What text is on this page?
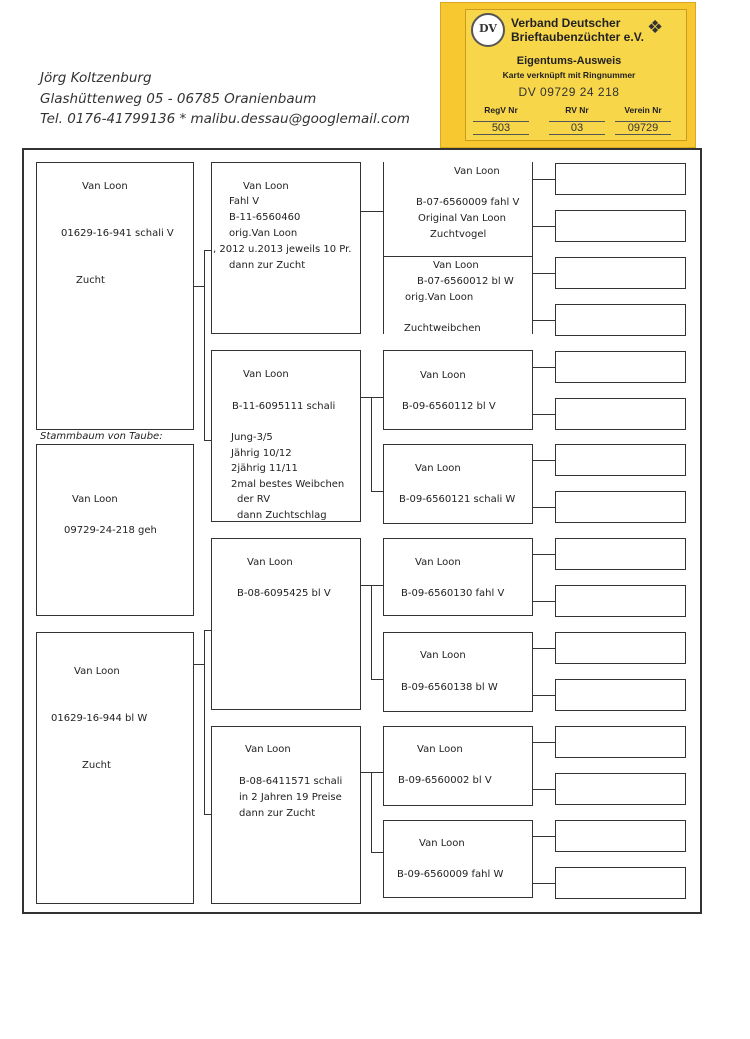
Jörg Koltzenburg
Glashüttenweg 05 - 06785 Oranienbaum
Tel. 0176-41799136 * malibu.dessau@googlemail.com
DV	❖
Verband Deutscher
Brieftaubenzüchter e.V.
Eigentums-Ausweis
Karte verknüpft mit Ringnummer
DV 09729 24 218
RegV Nr	RV Nr	Verein Nr
503	03	09729
Van Loon
01629-16-941 schali V
Zucht
Stammbaum von Taube:
Van Loon
09729-24-218 geh
Van Loon
01629-16-944 bl W
Zucht
Van Loon
Fahl V
B-11-6560460
orig.Van Loon
, 2012 u.2013 jeweils 10 Pr.
dann zur Zucht
Van Loon
B-11-6095111 schali
Jung-3/5
Jährig 10/12
2jährig 11/11
2mal bestes Weibchen
der RV
dann Zuchtschlag
Van Loon
B-08-6095425 bl V
Van Loon
B-08-6411571 schali
in 2 Jahren 19 Preise
dann zur Zucht
Van Loon
B-07-6560009 fahl V
Original Van Loon
Zuchtvogel
Van Loon
B-07-6560012 bl W
orig.Van Loon
Zuchtweibchen
Van Loon
B-09-6560112 bl V
Van Loon
B-09-6560121 schali W
Van Loon
B-09-6560130 fahl V
Van Loon
B-09-6560138 bl W
Van Loon
B-09-6560002 bl V
Van Loon
B-09-6560009 fahl W
